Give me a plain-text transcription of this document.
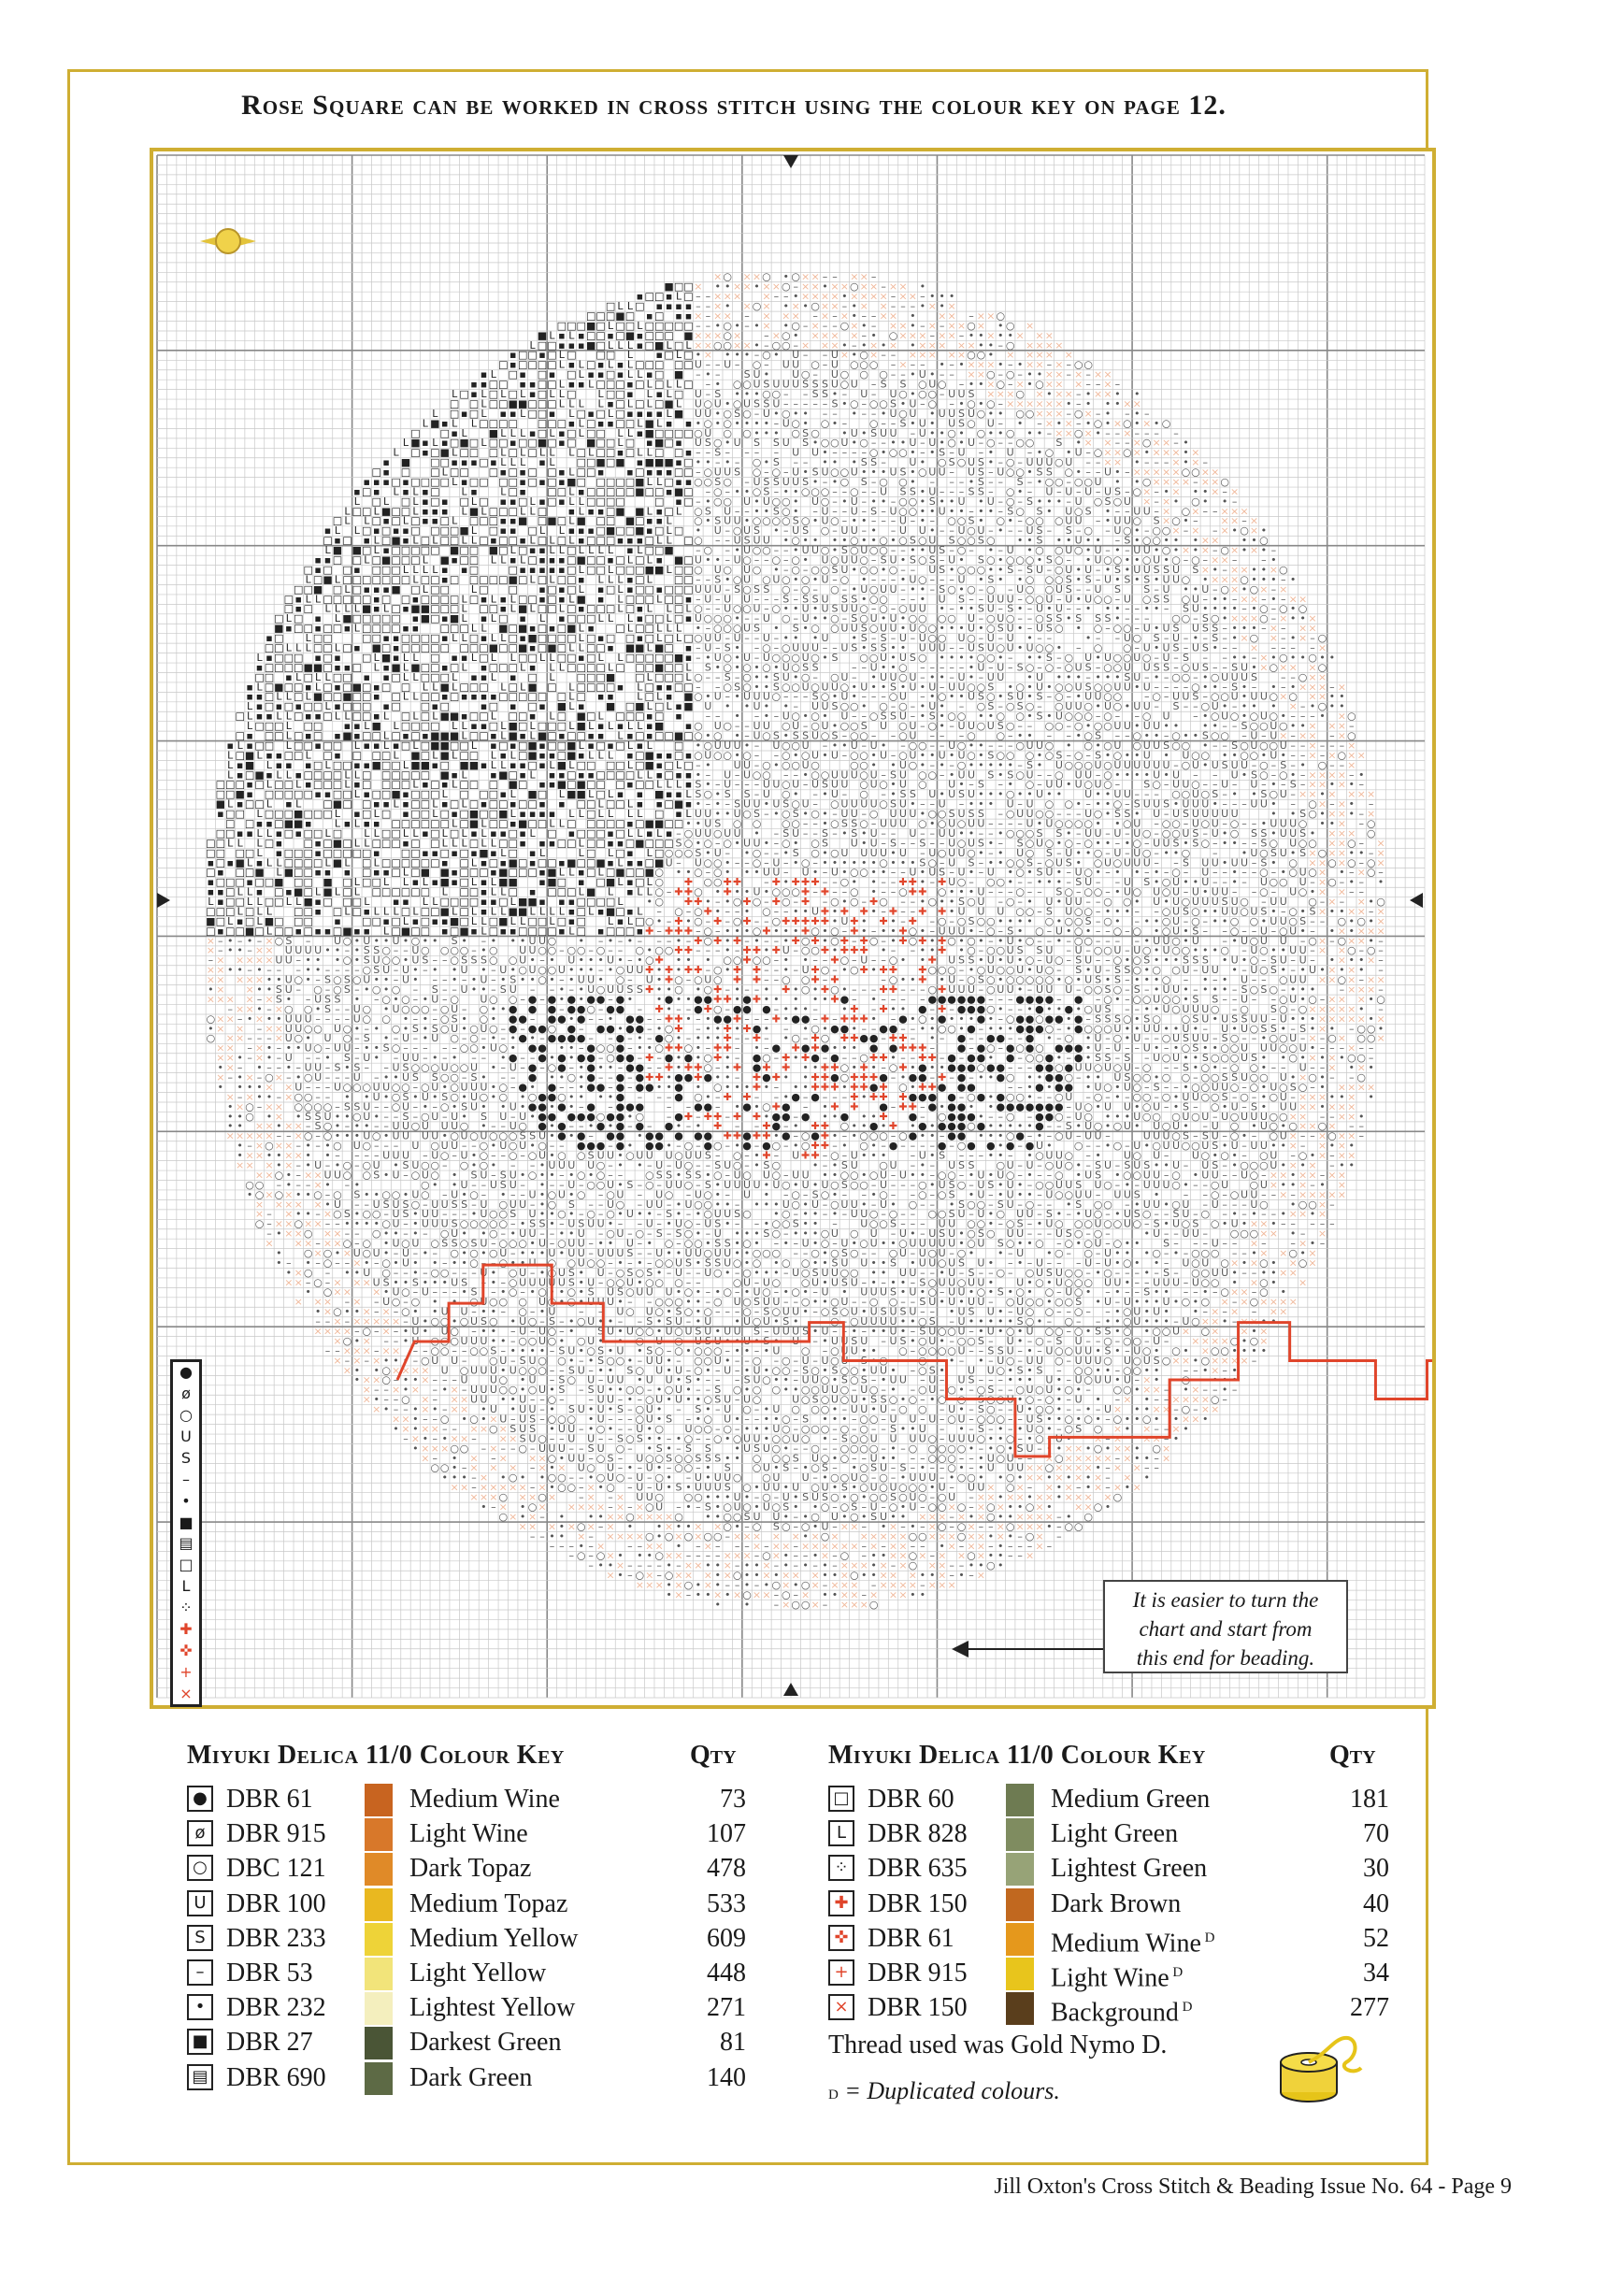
Rose Square can be worked in cross stitch using the colour key on page 12.
× ○ × × ○ • ○ × × – – × × –
■ □ □ × • • × × • × × ○ – × × • × × ○ × × – × × •
▪ □ □ ▪ L □ – – × × × × – – • × × × × • × × × × – × × – • • •
□ L L □ ▪ ▪ ▪ ▪ – – × • × ○ × • × • ○ × × – • × × – – – • × • ×
□ □ □ ■ □ ▪ □ ▪ ▪ × – × × – × × × – × – × • – – × × • × × – × × ○
□ □ □ ■ □ L □ □ L □ □ □ □ □ – – • ○ • – • × • ○ – × – – ○ × • – × × • – × – × × ○ × • ○ ×
■ L ▪ L ▪ □ □ ▪ □ ■ ▪ □ □ □ ■ × × × ○ × – × ○ • × × × × – • ○ × × × – × × – • • × • • × × ×
L □ □ ▪ ▪ ▪ ■ □ L L L ▪ □ ■ L □ L × × ○ ○ × × • – ○ ○ – × × × • – • × • × • × × × × × • • – ○ × × × ×
▪ □ □ ▪ □ L □ □ □ L ▪ □ L □ • × • • • – ○ • U – – U × • ○ × – – × × × × × ○ ○ • × × × × ×
□ ▪ □ □ □ □ L ▪ L □ ▪ L ▪ L □ □ □ □ □ U – – U – ○ – U U ○ – U ○ ○ ○ – × – – • – • × × × • – • × × – × – ○ ○
▪ L □ ▪ □ ▪ □ L ▪ ▪ □ ▪ L L ▪ □ ■ – • – S U • U ○ – U ○ ○ ○ – – • U • – – × × ○ – ○ – • • × × – × – × ×
▪ ▪ □ □ ▪ ▪ □ □ L ▪ ▪ L □ □ □ ▪ □ L □ L L □ – • ○ ○ U S U U U S S S U ○ U – S S ○ U ○ – • • × ○ – × • ○ × × × – – × –
L □ ▪ L □ L □ L ▪ □ L L □ L □ □ ▪ L ▪ L □ U – S • • • ○ ○ – – S S • – U – U ○ • ○ ○ – U U S × × × ○ × • × × – • × × • •
□ □ L □ □ ■ ■ □ □ □ L L L L ▪ □ L □ L □ ■ L U ○ U • ○ U S S U – – – – – S • ○ – ○ ○ S • U – ○ – • ○ • ○ – × × × × × × • – • • • × ×
L □ ▪ □ L ▪ ▪ L □ □ ▪ L □ ▪ □ L □ ▪ ▪ ▪ ▪ L ■ U U • ○ S ○ – U • ○ • • – – • – – • U ○ U • U U S U ○ • • ○ ○ × × × – ○ × – • – • –
L ■ ▪ L L □ □ □ □ □ □ □ ▪ L □ ▪ ▪ □ □ L ■ L ▪ ▪ • ○ • ○ • • • • – U ○ • ○ • – ○ – – S • U • U S ○ U – • – × • × – • ○ • × ○ • × • ○
□ □ ▪ L ■ L L L ▪ □ L ▪ □ L □ □ L L ▪ ■ □ □ □ □ ○ U ○ ○ • • • ○ S ○ • U • S U U – U • • ○ • ○ • • ○ • • – × × ○ × • – – × – – – –
L ■ ▪ L ▪ □ ■ □ L □ □ ▪ □ □ ■ □ ▪ □ ■ □ □ L □ ▪ ■ □ ▪ U S ○ • U S S U S • ○ ○ U • ○ – – • • U – U • ○ • U – ○ – – ○ ○ S • × × – – × ○ × × – •
L □ ▪ □ ■ L □ □ □ L □ L □ L L L □ L □ □ ▪ □ L L □ □ ▪ – – S – – – – U U • – – – – ○ • ○ ○ • – • S – U – • U – • ○ • U – ○ × × ○ × • × × × • ×
▪ ■ □ □ ▪ ▪ ▪ □ ▪ L L L ▪ L □ □ ■ □ ■ ▪ ■ ■ ■ ▪ □ • • – • – ○ • S – – • • • S S – U • ○ S ○ U S • – ○ – U U U ○ U – – × × • – – – × • × –
□ ▪ □ □ L □ □ □ ▪ □ ▪ □ □ ▪ L □ □ ▪ ▪ □ ▪ ▪ ▪ □ □ – ○ U U S ○ – ○ – U • S U ○ ○ U • • • U S • ○ U U – U S – U ○ ○ • S S ○ • – – U • – × × × × × ○ ○ × ×
▪ ▪ ▪ □ ▪ □ □ □ □ L ▪ □ □ □ □ ▪ □ ▪ □ ▪ ■ □ □ □ □ □ ■ L L □ ▪ ▪ ○ ○ S ○ – U S S U U S • – • ○ S – ○ ○ • – – – • S – – S – • ○ ○ – ○ ○ U • • ○ × × × × – × × ○
▪ □ ▪ L ▪ L ▪ □ L ▪ L □ ▪ □ □ L ▪ □ □ □ □ □ ■ □ □ ▪ ■ □ – ○ – • • ○ S – • • ○ ○ ○ – – ○ – – U S S • U – – – S S – ○ • – U – U – U – U S – ○ × – • × • • × – ×
L □ L □ L ▪ □ ▪ □ L □ ▪ ▪ □ L ▪ □ ▪ L L □ □ □ □	□ ▪ □ – • ○ ○ U • U ○ ○ • U ○ – • U – • • – ○ ○ • S • • U • U – ○ – S • • • – U ○ S ○ U × – × • ○ • • –
L □ □ L ■ □ □ L ▪ ▪ ▪ L ■ L □ □ □ L L □ ▪ L ▪ ▪ □ ■ ■ L ▪ □ L ○ S U – – • • S ○ • – U – – U – S – U ○ ○ • • U • • – • • – S ○ S • U ○ S • – – U U – × ○ × – – × × ×
□ L L □ ▪ □ L □ ▪ ▪ □ L □ □ □ ▪ ▪ ■ □ ■ □ L ■ □ □ ■ □ ▪ ▪ L ○ • S U U • ○ ○ ○ ○ S ○ • U ○ – • • – – – U – • – ○ ○ S • ○ • – ○ ○ ○ U U – • U U ○ S × ○ • – × × – ×
▪ L L □ ▪ □ ▪ ▪ □ □ □ □ ■ L □ ▪ ▪ □ L L ▪ ▪ ▪ □ ■ □ □ ■ ▪ □ L □ • U – ○ U S • – U S ○ – U U – • – U U • – – U ○ U – • – – U S – S – ○ – U ○ • – ○ ○ × – × – × • ○ × •
□ ▪ □ ▪ L □ ■ ▪ L □ L □ □ L L □ ▪ □ □ ▪ L □ L □ L ▪ □ □ □ ▪ ▪ ▪ □ L L □ ○ – – U S U U • ○ • • • • ○ • • ○ • ○ S ○ U S ○ ○ S ○ • • S • • U • • – S • ○ ○ • • • × × • • ○
L ■ ■ □ L ▪ □ □ □ □ □ ■ □ □ ■ □ L □ ▪ ▪ L L □ L L L L ▪ L □ □ ■ – ○ – • U ○ ○ – – • U U ○ • S ○ U ○ ○ – – • • U S – ○ – • – U • ○ ○ U ○ • U – • – U U • ○ • × • × – ○ × • × • –
▪ ▪ □ □ L □ ■ □ □ □ L ■ ▪ □ □ L L ▪ L □ ▪ ▪ ▪ □ ■ □ □ ▪ □ L □ L ▪ ■ □ U • • – U ○ – – ○ – ○ • U ○ U U ○ – S U • S ○ S – U • S ○ • ○ ○ ○ • S ○ – • U ○ ○ • • ○ U • ○ – ○ – × × – – •
□ ▪ □ □ ▪ □ □ □ L L L L ▪ ▪ □	□ ▪ ▪ ▪ ▪ ▪ □ L □ □ L □ □ □ ■ ■ L □ □ ○ U ○ U ○ • – ○ – ○ ○ S U • ○ ○ • ○ – – U S • ○ ○ ○ • • S – S U – ○ U • U – • S • U U S S U S × • – × × • • × ○
L □ ■ L □ □ □ □ □ □ □ L □ □ ▪ □ □ □ □ □ ■ □ L □ L □ □ ▪ L L L ▪ □ L □ □ – – S • ○ U ○ U ○ • ○ • U – ○ • – – – • U ○ – – – U • S • • ○ ○ ○ S • S – U • S • S • U U ○ • × × × ○ • • • – •
□ □ ■ □ L □ ▪ ▪ ▪ ■ □ L □ □ L □ □ ▪ □ ▪ □ L ▪ □ L ▪ □ □ ▪ □ □ □ U U U – S ○ S S ○ – ○ – ○ – • U ○ U U – • • – S ○ • ○ – ○ – U ○ ○ U S – – U S S – U • • U – ○ × • ○ × – ×
□ ▪ L L □ □ □ □ □ ▪ □ □ ▪ □ □ □ □ L □ ▪ L ▪ L □ □ ▪ □ ▪ L ■ ▪ L □ □ □ L □ □ ▪ – U – U U – – – S – S S U S S • ○ ○ – – • U S – – U U U – ○ ○ U – U • U ○ ○ – U ○ S S ○ U – • • – × × – • – × ×
□ ▪ □ L L L L ■ ▪ L □ ▪ ■ ■ □ □ □ L □ □ ▪ L ■ L □ □ L □ ▪ □ □ □ L □ ▪ L L □ L ○ – – U ○ ○ U – ○ • • U • U S U U ○ – ○ – ○ U U • – • • S U – S • – U • U – – • • • – – • • – S U • • • • – • ○ – ○ • ○
□ L □ ▪ L ■ □ □ □ □ □ ▪ ■ □ ▪ ■ L ▪ L □ ▪ L ▪ □ □ □ L L L ▪ □ □ L □ ▪ U ○ ○ ○ • – – U ○ – U • • ○ – S ○ U • U • ○ ○ ○ ○ U – ○ U ○ – – ○ S S • S S S • – – – ○ ○ – S ○ • × × × ○ – × • • ×
■ ▪ □ □ ▪ □ □ ▪ L □ □ □ □ ▪ ▪ □ □ □ L L ■ □ ■ ▪ □ ▪ □ ■ L ▪ □ L □ □ L L L • – ○ ○ ○ U S • S • ○ ○ U U S ○ U U • U ○ ○ • • • U • ○ S U • – U S ○ • ○ – ○ ○ – U • U S U S S – • • • – × – × ×
▪ □ L □ □	□ □ ▪ ▪ □ □ □ □ ▪ L L □ ▪ L L □ ▪ ■ □ □ □ □ L □ ▪ □ □ ▪ □ L □ L □ ○ U U – U – – U – • • • U • S – S – U – U ○ ○ U ○ – U – U • – –	• – – U ○ S – U – • – S – • × ○ × – • × – ○
□ □ L L L □ □ L □ ▪ ■ □ ▪ □ □ □ □ □ □ □ □ ■ □ □ ■ ▪ □ ■ □ L L □ □ ▪ ■ ■ L ■ □ ▪ – U – S • – ○ – ○ U U U – – U S • S S • • U U U – – U S U ○ U • U ○ ○ • – ○ ○ – U • U S – U S • – – × – – – – ×
L ▪ □ □ □ ▪ □ ▪ □ L ■ ▪ L L □ ▪ ▪ L □ L L □ □ L L □ □ ▪ □ L L □ □ □ □ □ ■ ▪ – • U ○ • U – U ○ ○ ○ U ○ • S ○ ○ U • U S ○ • • • • ○ ○ • – • • S – ○ U • U ○ ○ U ○ – U – S – – • • – × • ○ • • ○ • •
▪ □ □ □ □ ■ ■ □ ▪ ▪ □ L ▪ ■ L ■ □ □ ▪ □ L ▪ □ □ □ L ▪ L L □ □ □ □ L □ □ □ ■ □ □ L S • ○ • ○ • ○ • U ○ S S	– – U • • ○ – – – – – • U – U – S ○ – ○ – ○ U S – ○ ○ U U S S – ○ U S – – S U • × ○ × × × ○
□ □ ▪ L □ L L □ □ ▪ ▪ □ L L □ □ □ L ▪ ▪ L ▪ □ L □ □ □ ■ □ L □ □ □ L ○ – – S – ○ • • S U • ○ – ○ U – • U U ○ U – • • – U • – U U • U • • • – • • • S U – • – ○ ○ – • ○ U U U S – – ○ × ×
▪ L □ ■ □ □ ▪ L □ ▪ □ ■ □ ▪ □ □ L L ■ L □ □ □ L □ L ■ □ L □ □ □ □ ▪ L □ ▪ ▪ □ □ – – ○ S ○ • • S ○ ○ U ○ U U ○ • U • • S • U • U – U U ○ ○ S • ○ • U • ○ ○ U S ○ ○ U U • U – – – – ○ • • – S • – • – • × × × – ×
▪ ▪ □ L L □ L ■ □ □ ■ □ □ ▪ □ L L □ □ ▪ □ ▪ ▪ ▪ ▪ □ □ □ □ □ □ L □ ▪ ▪ L □ L ▪ ■ ○ • U – • U U U ○ – – – S ○ • U • – – – ○ U – • ○ • • U S ○ • S U • S – ○ – • U U ○ ○ – ○ – U U S – ○ ○ U • U U ○ × ○ × × • •
L ▪ □ ▪ □ ▪ □ □ L ▪ □ □ □ ▪ □ □ ▪ □	▪ □ ▪ □ ▪ ■ L ▪ ■ □ ■ L □ L ▪ ■ U • • U • • – U U S ○ ○ • ○ – ○ – • U • – ○ S – ○ S ○ – ○ U U ○ • U ○ • U U – S – – ○ U • – • • • × – • ○ • •
□ L ▪ ▪ L L □ ▪ ▪ □ L L □ □ ▪ L □ L □ L ■ ■ ▪ □ □ L □ □ ▪ L □ ■ □ L □ □ □ ▪ □ ▪ – – • – • – U ○ • ○ • U – – ○ S S U – • S • ○ ○ • • ○ ○ • S • U ○ ○ ○ – ○ – – ○ U – • ○ U ○ • ○ U ○ • – – – • × ○
L □ □ □ L □ □ ▪ ▪ L ■ L □ □ □ □ L L ▪ ▪ □ L ■ □ L □ □ □ L ■ L ▪ L ▪ L L ▪ ■ ▪ ○ U ○ – – U U ○ U – ○ U • ○ ○ S U ○ U – ○ • – U U ○ U S ○ – – ○ ○ – ○ • ○ ○ U U • U U • • • • – – S ○ ○ U ○ • • × × × –
□ ▪ □ □ L □ ▪ □ ▪ ■ ▪ □ □ L □ ▪ □ ▪ ■ ■ ■ L □ □ ▪ L ■ ▪ L ■ □ ▪ □ □ ▪ ▪ L ▪ □ ▪ □ □ ■ □ ○ • ○ • – U ○ S • S S U ○ S – ○ ○ – – ○ U – – – ○ ○ – • • – – • ○ S – – ○ • • – ○ • • S ○ ○ – U – U × – × × – × ○
▪ L ▪ □ □ L □ □ ▪ □ □ L ▪ ▪ L ▪ □ L □ ■ ■ □ □ L ▪ □ ▪ □ ■ ▪ □ □ ■ L ▪ □ ▪ □ L ▪ L □ • ○ U U U • – U ○ ○ U – • • U – U • – ○ ○ – – U ○ • • – – – ○ U U ○ • ○ • ○ U ○ U U S ○ ○ • – – S ○ U ○ ○ U – – × – – – ×
L □ ■ L ▪ ▪ □ □ L □ ▪ □ □ □ L ■ □ L ■ L □ □ L ▪ L □ ■ ▪ ▪ □ ■ ▪ L L L ▪ □ ■ ▪ ▪ □ ▪ ○ U ○ ○ • ○ – – ○ • ○ U • U – ○ ○ • U – ○ U • • U • U ○ • S ○ ○ ○ • ○ S – ○ – S • ○ • • U • U ○ ○ • • ○ ○ • U • – – × – × ○ × ×
L ▪ ■ L ▪ ▪ ▪ □ L □ □ ▪ ▪ ■ □ □ L ■ ■ ▪ □ ■ ■ ▪ L L ▪ ▪ □ ▪ L ■ L □ □ □ □ L □ ■ ▪ □ L □ – • U U – ○ • ○ ○ U ○	○ ○ • • U ○ • – • – ○ • • • • • – S • U ○ ○ ○ U ○ U U U U U U – ○ U • U S U U – ○ – S – • ○ – – ×
L ▪ □ ■ ▪ L L ▪ □ □ □ □ L L □ □ □ □ □ □ ■ ▪ L ▪ ■ □ ▪ L ▪ ▪ □ ▪ ▪ □ □ □ □ L L ▪ □ ▪ ▪ • – U – U ○ ○ – – • ○ ○ U U U ○ U – S U ○ ○ – • U U S • S ○ U – – ○ U U – ○ • • • • U • U – – U • S ○ – ○ • – × × × × – •
□ □ □ ▪ □ L □ □ L ▪ □ □ □ L ▪ □ □ □ □ L ▪ □ ▪ L □ □ □ ■ □ ▪ ▪ ■ □ ■ □ □ □ ▪ □ □ L L L ▪ S • – U – – – U U ○ U – U S U U ○ U ○ • U ○ U • – S – • ○ – U U • U ○ U ○ – S ○ – U U ○ – – U – U – • – S – × × • × • –
□ □ ■ ▪ □ □ □ □ □ ▪ ▪ □ □ L ▪ □ □ ■ ▪ □ □ □ L □ □ □ ▪ L ■ □ L ■ ■ L □ L ▪ ▪ ■ ▪ ▪ L S ○ • S S – U ○ • – • U – ○ – • S S U • U S U • • • ○ • • U • • U • • U U – – – ○ ○ U ○ S – • • S ○ U – × × • × × × ×
■ L ▪ □ □ L ▪ L □ ■ □ □ ▪ ▪ L ▪ □ □ L ▪ □ L □ ▪ □ □ ▪ □ □ ▪ ▪ □ □ L □ □ L ▪ ▪ □ ■ ▪ • – • – S U U • U S ○ U – ○ U U U U ○ S U • – – U – • • • U – U ○ ○ • – • • ○ – S U U S • U U U • – – – U U • – ○ × – × • –
▪ □ □ L □ □ □ ■ □ □ □ L ▪ □ L □ ▪ □ □ L □ ▪ □ ■ □ □ ■ L ▪ ▪ ▪ ▪ L L □ L L L L □ ▪ L U U • • U ○ S – • ○ S • ○ • – U U – ○ U U U • ○ ○ S U S S – ○ U U ○ ○ – – – U ○ • S S • U – U S U U U U U	• • S ○ • × × • – ×
□ □ ▪ ▪ □ ■ ■ ▪ L ▪ L ▪ ▪ □ □ □ □ □ □ L □ ■ L □ □ ▪ ■ □ □ L L □ □ □ □ □ ▪ □ ■ ■ □ □ • • U S ○ ○ ○ ○ – – • ○ S S ○ – U U U ○ • ○ U ○ U U – – – – U • U ○ ○ ○ ○ • • ○ U – ○ ○ – U ○ U – ○ – – • U U U ○ • • × – ○
□ □ ▪ ▪ L L ▪ □ ▪ □ □ L □ L L □ □ L L ▪ □ L □ L ▪ L ▪ ▪ □ ▪ L □ ▪ □ □ □ ▪ □ L L ▪ L ▪ – ○ U U ○ U U • – S U – – S – • S • U – – U – – U U • • – – • ○ ○ ○ S S • – U U – U – U ○ – ○ ○ U S – U • ○ S S • U U S • × × × ○
□ □ L L L □ ▪ □ ▪ □ ■ □ L L □ □ □ ▪ □ □ L L L □ L L □ □ ▪ ▪ ▪ □ □ L □ □ ▪ ▪ □ ■ □ □ □ S ○ • ○ – ○ • U U • – ○ • ○ S U • U – S – – S – – U ○ U S • – S ○ U ○ • ○ – ○ • • – • ○ – U U S • S ○ – • • – – S ○ U ○ ○ × × ○ – ×
□ □ □ □ L ▪ □ □ □ ▪ □ □ □ □ □ ▪ □ □ ▪ ▪ □ ▪ □ ▪ ■ ▪ L □ ▪ L	L □ L □ ▪ L □ ○ ○ ○ S • U – • ○ – – • S ○ • ○ U U U U • U – U ○ U U ○ • – • U ○ S – U • • ○ – U – U ○ – • • ○ – • U ○ S U • S × ○ × × • • – ×
▪ □ ▪ ■ L ▪ L L □ □ □ □ L ■ L □ L □ □ □ □ □ □ ▪ □ L ▪ □ ▪ ■ □ ▪ □ □ ▪ ■ □ □ ■ ▪ L ▪ ▪ □ ■ U – U ○ ○ • – – ○ – U – • ○ – • • • • • • ○ • • • S ○ – U S – • • ○ ○ S – ○ U S • ○ U ○ U U U – – S U U • U U – S • ○ × × ○ × ○ – ○ ×
□ ▪ □ □ ■ L ■ □ □ ▪ ▪ ▪ □ ▪ ▪ □ L □ ■ ■ ▪ □ □ □ ▪ ■ □ □ □ ▪ ■ L L ▪ □ L □ ■ □ □ ■ ○ • • ○ – ○ • • • U U – U • – U • ○ ○ • • – – U • U S – U • – U • ○ • S U • – U ○ • – • • – • – ○ – U – – • – – ○ – • ○ U ○ × • – × ○ –
▪ □ □ □ ▪ □ □ ■ □ □ ■ □ L □ □ L L ▪ L ▪ ■ ▪ □ L ▪ L ■ ■ ▪ ■ □ ▪ □ ■ L ▪ □ L ○ ✚ ○ ○ ✚ ✚ – ✚ • ✚ ✚ ✚ – – ○ • • – – ✚ ✚ • – ✚ U ○ – ○ ○ • – – • • • – S U – – U S • ○ U • • U – – • – U ○ ○ U – × ○ – • – •
▪ ▪ □ L L ▪ □ ▪ ■ □ L ■ L □ L □ □ □ □ □ □ L □ □ ▪ L L □ ▪ □ □ □ L ■ L ▪ L L ○ – ✚ ✚ ○ • ✚ • • U • ○ ○ ○ ✚ – ✚ – – ○ • – – ○ ✚ ✚ ○ • • • U – – – ○ – – S ○ – ○ ○ – • U ○ U ○ U – U • U U – – ○ – U ○ • × × – –
L ▪ □ □ L L □ □ L L ■ ▪ □ □ □ L ▪ ▪ L L □ □ □ □ ▪ ▪ □ L ■ ■ ▪ ▪ ▪ □ □ □ □ L • ○ ✚ ✚ • – • ○ ✚ ○ – ✚ ○ – ✚ – ○ • ○ – ✚ ○ – – • ○ • • S ○ U – ○ – • U • U U – – ○ ○ • U • U ○ U U U S U ○ – U U ○ – × – × • ○
□ □ □ L □ L L □ □ ▪ □ L □ ▪ L L L □ L □ □ ■ L □ L ▪ L L ■ ■ L L L L ▪ □ L ▪ ■ □ ▪ L – ○ – ○ ✚ • – – • ○ – – • • U ✚ • ✚ ✚ • – ✚ – – ✚ ✚ • U U U ○ ○ – S U ○ ○ – • • • – – ○ U S ○ • • U U ○ U S • – ○ • S × • • × × – ×
■ □ L ▪ □ L ■ □ □ □ ▪ □ □ ▪ □ L ▪ □ ▪ ▪ ■ □ L L □ ■ L L □ □ L □ ▪ □ L ▪ L □ ○ • – ✚ • ○ – ✚ – ○ ✚ – – ○ ✚ ✚ ✚ ✚ ✚ • U ✚ • ✚ • – ✚ – ○ – ○ S ○ ○ • • • • ○ • ○ ○ S – ○ • – • • ○ U – ○ – • • ○ ○ • U U ○ S – – ○ • ○ • ×
□ ▪ □ □ ■ □ L □ □ ▪ □ ▪ ▪ □ ■ ▪ ▪ L □ ■ □ □ ▪ □ ■ ▪ L □ ▪ ▪ □ □ □ □ ▪ L □ ▪ □ □ □ ▪ ✚ – ✚ ✚ ✚ – ○ – • • • ○ ✚ • • • ✚ ○ • ○ – ✚ • – • • ✚ ○ • – U U U • – ○ – S • ○ – U • ○ • – – ○ – ○ • ○ U • S – – ○ – – U – ○ U • – • × • × × ×
× – • – • – × ○ S – U ○ • U • • U • ○ • • S • – • • • U U ○ • – • – • – – – • – ✚ ○ ✚ • ✚ – • – – • ✚ ○ ✚ • ○ ✚ – ✚ ○ – • ✚ ○ ✚ • ✚ ○ • ○ • – • U • ○ – – • – ○ ○ – – – – • U U ○ • U – • U ○ U U – ○ × – ○ × × • –
× – • • – × × U U U U • • – • S S ○ – – U ○ ○ ○ ○ – • ○ U U ○ ○ – ○ ○ – ○ – – ○ • ○ ○ ✚ ✚ – – – • – ✚ ✚ • ✚ U – ○ ○ ✚ • ✚ ✚ ✚ • – – • • ✚ • ○ – ○ ○ U S S U – U – ○ ○ U – U ○ • U ○ ○ • • • ○ – U ○ • • U U – × × ○ – ○ –
– × × × × × U U – • • • ○ • S U ○ ○ • U S – – ○ S S S ○ ○ U • – • U • • • U • – • ○ ✚ • • • ○ ○ ✚ ○ ○ – • • – – ✚ ○ – U – – ○ • • ✚ U S S • U • U • ○ – U ○ – S U – – ○ • ○ S • • • S S S • U • ○ – S U – U – • × • • × –
× × • • – • – – – • • – – – – ○ S U – U • – • • U • – U • ○ U ○ ○ U • • • – • ○ U U ✚ • ✚ • ✚ ✚ – ○ • ✚ ✚ – – • – U ✚ ○ – • ○ ✚ • ✚ ✚ ✚ ○ ○ ○ – • ○ U ○ ○ U • U ○ – S • U – S S ○ • ○ ○ U – U U • – U ○ S • – • U • × • × • –
× × × × × • • U ○ • – S ○ S ○ U • • – U • – – • – • U – • S • • ○ • – • U U • ○ – U • ✚ ○ – ○ U ○ ✚ ✚ – – ○ ○ ✚ – ✚	– ○ • • ✚ • U – ○ S ○ • ○ ○ ○ ○ ○ • ○ • U S • S – • • • ○ – • – • U – – ○ U U × × ○ × – × ×
• × × • • S U – ○ – ○ S – • ○ • ○ – S – – U • • – S U – – • – • U ○ U U S S ✚ • • ○ • ○ ✚ – • – – • ✚ • ○ • ✚ ○ • – – – ✚ ✚ – – – ○ ✚ U U U – ○ U U • – U U U – ○ ○ S ○ – S – • U U • – • • • – S ○ S ○ – • • • – × × × –
× × × × – × S • – U S S • – ○ • ○ – • U – ○ U ○ ○ – ● – ● • ● • ● ● – ● • • ● • • ● ● ✚ ✚ • ● ✚ • • • • • ✚ ● – • – – – – ● ● ● ● ● ● – – – ● ● ● ● – ● – ○ • – ○ ○ U ○ ○ • S S – – U – – ○ U • ○ – × × × • ○
– × × • – × ○ ○ • S – – U ○ • U ○ ○ ○ – ○ U – ○ • • ● ● ● – ● ● ○ – ● ● – ✚ • – – ● ✚ ○ – ● ● ● – • • • – • ✚ – ✚ • • ● – ✚ – ● ● ● ○ • – – • ● • • ● • ○ U S – – • • U ○ U U U ○ – ○ S ○ – ○ × × × × × • –
○ × × – • × • • U U U – – – – U ○ ○ • – • – ○ S • ○ • ● ● – ● ● • ● – – • ● ● – – ✚ ✚ • – • ● ● ✚ – – – ✚ • ● ● – ✚ – ✚ ✚ ✚ • – ● • ○ • ● • • • ● • – ○ ● ● ○ ● ● • ● – S S S ○ • S ○ ○ S U • U S S U U – U • • • × × × × × • ×
• × × – × × U U ○ ○ U ○ • – • ○ • S • S ○ U • ○ U ○ – ● – ● ● ○ ● – ● ● • ● ● – • ○ ✚ – • • ✚ • ✚ ● • – • ○ • ● ● • – – ● ● – – • • ○ ○ • ● – • • • ● ● ● ○ – • ● ○ ○ ○ U • • U U • • U • – U • U ○ S S • – S • × • – ○ ○ •
○ × × – – – × U ○ • U ○ – S • – U – • U ○ – ○ – • – • ● • – ● ● ● ● – – ● – • – ● ○ • – • • • ✚ – – ✚ – • ○ – ✚ ○ ✚ ✚ ● ● – ✚ ✚ – • – ● – – ● ● – – ● • – ○ • U – ○ • U – – ○ U S U U – S ○ – – • ○ ○ U – × – ○ × ○ ○ ×
× × – × • – • • U ○ – U U – • • S ○ – – – – – ○ ○ • U ○ • ● ● • • – ● ○ ○ ● – • • ○ ✚ ✚ ○ • – ✚ ✚ – • – ● ✚ ● ✚ ● • • • ● ● ✚ ✚ ✚ – ● – ● ○ – ● ○ ● ○ ● ● ● • U – U – – U • – • ○ S • • ○ ○ U U U ○ ○ U • – – – × – –
× × • – × • – U – – • S – U • – U U – • – • – – • ● – – ● • ● • ● ● – ○ ● ● – ✚ – ● • ● • ○ ✚ • – ● ○ – ✚ • ✚ ● – ● – – ○ ✚ ✚ • – – ✚ ✚ – ● – ● ● • ● – ○ ○ ● • – ● • S S – S – U ○ U • • S ○ ○ ○ U S • • ○ • × • × • ○ ○ –
• × – • – – • – U U – S • S – – U S ○ ○ ○ U ○ ○ U • – U – ● – ○ ● – • ● • • – ● ● – – ✚ • ✚ ✚ ○ – • ✚ ● ✚ ✚ • • ✚ ✚ ○ • ✚ • – ○ ✚ • ● • • ● ● ● ○ ● ● – – – ● ● ○ ● U U ○ U ○ U – ○ – – S • ○ • – ○ ○ • – – U – – × • × •
× – • × – ○ × – • ○ U – – – U – • • U S S ○ ○ – S • – – ● • • ○ • ● – – ● – ● ✚ ✚ • ● ● ✚ ● • • – ✚ ● ✚ • • ✚ ✚ ● ○ ✚ ✚ ✚ ● – • ● ● – ✚ – ● – • • ● ○ • • ● ● ○ – • • U S ○ ○ • ○ ○ – ○ ○ S S U ○ ○ U • × ○ • – – ○
• • • • × × U – – – U ○ ○ ○ U U ○ ○ – ○ U • ○ U U U • ○ – ● • ● – – • ● ● – ● – ● ● • • ● • ○ • • • ✚ • – • • ✚ ✚ ✚ • ✚ ✚ ● ✚ ○ • ✚ ✚ ● ● ●	– – • ● • ● ● • U ○ • U ○ – S – – • ○ ○ U U ○ – ○ • U ○ S ○ – • × × × ×
× – × • • – × ○ ○ – – • • U • ○ S • U • S ○ • U ○ • ○ • ○ ● ● ○ • • • • ● – – – ● ○ • – ✚ ✚ – – • ● – ● – – – ✚ • ✚ ✚ ✚ ● ● ● ● – ○ ● • ● ○ ○ • – – ○ U – ○ – • – ○ ○ – ○ • U U ○ ○ S – ○ – • ○ U – × × × • • × •
• × ○ – × × ○ ○ ○ ○ – S S U – – ○ U – • – ○ • S U • • U • ● ● • ● • – ● – ● ● ● – – ● ● – • ● • ○ ✚ ● – • ✚ ✚ ● – ✚ ✚ – ● • ● ● • • ● ● ● ● ● ● ● – U ○ • U U • ○ U – • S – ○ • U – S • U U × × • × × ×
• • ○ • × • S S U • • ○ U • – – S – ○ U – U • S U – U • ● ● ● ● ● ○ ● ● • ○ – ● ✚ – ✚ ✚ – ✚ ✚ • ● ● – ● • • ● • • ✚ ● – ○ ● ● ● • – – ○ – ● ● ○ – U ○ • • • U ○ ○ ○ U ○ U – U ○ U U U ○ ○ × × – – × × •
• • × × • × × – S ○ • – • • – – U U ○ U U U ○ • – – U ○ ● • ● – – • ● • ● – ● – ● • – • ✚ – – ✚ ● – • ✚ ✚ ○ • • ● • ✚ • ● • ● ● ● ○ ● • • • • • ● – – S • U ○ • ○ U • U ○ U • – U ○ • U ○ • ○ × × ○ × – –
× × × × × – – × ○ – ○ • • • U ○ • U U U U • ○ U ○ U ○ ○ ○ S S U • ● • ● – ● ● • ● ● ● ● ● ✚ ✚ ● ✚ ✚ • ● – ○ ● ✚ • – • ○ ○ ○ – ○ ● • • – ● ● • • • ○ ● – • – ○ U – U U –	U U U ○ S – S U – ○ • – ○ U × – – × ○ × × –
• – × ○ × × – • – • ○ U ○ – – – U ○ U U – – ○ • U ○ U • ○ – – ● ● ● – ● • ● ● • – ○ – ● ○ – • ● – ● ○ – • ○ ✚ ✚ – • ○ • – ● – – – – ● – ○ ● ● • ● – ● U • ○ – – • ○ – U • ○ U U ○ ○ U S • U – U U • • × – × • × •
• × × • • × × • • – – – – U U U – U ○ – U • ○ – – ○ – ○ U • ○ ○ S U U • ○ U U U ○ U U S – ○ – • ✚ – U ✚ ✚ – ○ – U • • • – U • S – – – • • – • ○ U U ○ – • U ○ U – U ○ • ○ • – ○ U – ○ • × – × ×
× × × • × – • U – • ○ – ○ U • S U ○ ○ – ○ • ○ • – – • U U U U ○ – • • – U – U ○ – – S U ○ – • S ○	• – • S U ○ U – • – U S S ○ U – U – ○ U ○ • – S U – S U S • • U – U S – • ○ ○ ○ U • × • × – • •
× × ○ • – × × U U ○ ○ S • U – ○ U ○ • S U – S U • ○ • • – • ○ • ○ – – ○ S S • S S • ○ – U ○ U ○ – U U • • ○ ○ • ○ U – U • • – ○ ○ – • U • U ○ – • – – ○ • U S • ○ ○ U U – ○ • U U – – U ○ – × × • × × – × ×
○ ○ – • – – × • – •	○ • • U – – U S U – • – – U – ○ ○ U • S – ○ – U U ○ – S • U U U U • U ○ • U • U ○ S ○ ○ – U – – – ○ • U S ○ – U S • U • – ○ ○ U U S U ○ – • – U U U ○ • – – ○ U ○ U × • • × – • ×
• ○ × ○ × • • ○ – ○ S • • ○ ○ • U ○ – U • ○ – • – – U • ○ U • ○ – ○ U – U ○ – U ○ • – U • – ○ – S ○ • – – • ○ – – ○ – ○ S • U – • U • • – U ○ ○ U U – U U S • – – ○ – ○ U U – – × – × × × × ×
× × × × × • U – – U S U S ○ – U U S S – U ○ U U – • ○ S – – U ○ – U U – • U ○ ○ • • – • • • U ○ • U – ○ U U • – U • ○ – – • S ○ ○ – S U – ○ – – • S ○ ○ – • U U • ○ U – U – – – U ○ • ○ ○ × –
× – × • • – × ○ S • ○ ○ – U S • U U – – – • U ○ ○ S U • • ○ • – ○ – ○ • U • • – S • – • ○ U U S ○ • ○ – • • – • – U U ○ – ○ – – ○ ○ S U – U • ○ U U – S • – • U ○ – • U S ○ – – S U – ○ – • – • – – • × × • ×
○ – × × ○ × × – – • • • • ○ U – • U U U S ○ ○ ○ ○ ○ – • S S • – U S U U • – – U – • U ○ – U S • – – • ○ ○ S • • – U ○ ○ S – – – U U ○ ○ • – ○ S – • U ○ ○ ○ U ○ ○ U ○ – S • U ○ S ○ • U • × × • – – – – –
– • × × ○ × × – – ○ • • – • – ○ U • • ○ – • U U – – • • U – ○ U – ○ – S – S ○ • – U • • • S ○ – • • • ○ U ○ U – U • – U S U • ○ S ○ U U – – – U S ○ – ○ –	• U – – U U – ○ ○ ○ × × • – ×
× × × – × × ○ – ○ • U ○ U ○ S S ○ S U – ○ ○ ○ • U – ○ U U – • • U – • ○ – ○ ○ • S S • ○ • – • – U • ○ – U • ○ U • • ○ U U U U U • ○ U S ○ • • ○ – ○ • ○ U – ○ • • S – – – U – – × – – × • –
• ○ × ○ • × U ○ U • – U – • – ○ • ○ • ○ U – • • • U • U U – U U U S – – U • • U U ○ U U • • ○ ○ ○ – – ○ • ○ S ○ – – ○ U – U ○ U – ○ • • – U • ○ – ○ – U • • • ○ – • – ○ ○ ○ – – • × × ○ • ×
• – • – ○ – – × • – ○ • U • • – • • ○ – – ○ • • U ○ ○ U ○ ○ – • – • – ○ ○ U S • S S U ○ • ○ • ○ ○ • • S U U • • S • U U ○ U S U • – • – U – – – U – U • ○ • • – U ○ U ○ × • × ○ • × ○ ×
• × ○ – • • U ○ – – • – ○ ○ – – – U • ○ U – • ○ U S • U – ○ S ○ S • – U – – U ○ • – ○ • • • – U ○ S U U ○ ○ • • U U – – • U – S – – ○ – ○ U S U ○ ○ – • ○ – – – • – S – ○ ○ U U • – – • • × ×
× × – ○ – × × × U S • • S • • • U S – • – ○ U U U U U S • U – ○ ○ U • ○ ○ ○ – –	○ U – U ○ ○ U • U S U – • – • • – S ○ U U ○ U U • U • ○ • U ○ ○ ○ U U • – – U U U – U ○ ○ • × ○ • ×
• ○ × × × • U ○ – U – – – • S – • ○ – • ○ • • ○ • S U S ○ U U U • ○ • – • ○ – • U ○ – • ○ • – U • U U U S • U • ○ – U U • ○ • S • ○ • ○ – U ○ • – • – – S • • – – • – ○ × × – ○ •
× × × – × – U ○ – ○ • • ○ U ○ ○ ○ U ○ • ○ • U U U • – – ○ ○ ○ • • – ○ U ○ S U U – – ○ • • ○ U – – ○ ○ – – S U • U • U U – ○ U ○ ○ • ○ ○ S • U – U • • • U • ○ • ○ × – × ○ × × × ×
• × ○ • • × – × – ○ • • U U – • • – ○ – • U – – U ○ U ○ • S ○ • ○ – – – ○ – S ○ U U • – ○ S ○ U • U S U S U – – • U S U • – U ○ ○ – – ○ – – • ○ U • U • • – × – × – × ×
– – × – × × × × × – U • ○ ○ • ○ U S ○ • U ○ – S – • ○ U • • – – S • S U – • U • U ○ U • S • – ○ – ○ U U U U • • ○ S – U • • • • • S ○ • – ○ – – • • ○ U • • • – U ○ × × • – × × • •
× × × × – ○ – × – • U • U ○ – • • – U – U ○ – • S U • U ○ ○ • U ○ U S U • U U S – U U U S • U – – • – • • U • – S U ○ ○ U – • U • ○ • U ○ ○ – ○ • S S • ○ • ○ ○ U × ○ × × • ×
× ○ • × – – • U – ○ ○ ○ U U U • • – ○ ○ U ○ • ○ U • – • – ○ – U – ○ U S U • • U • S • – U – • U U S U – U S • ○ U • – ○ ○ S – U • – ○ – S U – – ○ – ○ ○ – U – × × × × ○ • ○ ×
– – × × × – × × – – ○ ○ – – ○ ○ S – • • • • – S U • ○ S • U • S ○ – ○ • ○ ○ ○ – • • – • U ○ – ○ U U • • ○ – ○ ○ ○ ○ U – – S S U – • – U ○ ○ U U • S • – U ○ • ○ • × ○ ○ • • • •
× – × – × • • • – ○ U U – ○ U – S U ○ ○ • – • S ○ ○ • – U U • – ○ ○ U • – – ○ – ○ – U – U ○ U S • ○ – ○ • – • – U ○ – U U ○ – U U U ○ U ○ U S ○ × × • ○ × × × × –
× • • ○ × × × × U ○ U U U • U ○ ○ ○ – – S U – • • S ○ U • U – ○ • – U – • U • ○ ○ – S ○ • S ○ ○ • U U • – ○ S • U U ○ • S • S – ○ ○ • • – ○ ○ • • – – • × – •
• × × ○ – • • × – – – U U ○ • U – S ○ U – U U • U U • S • – – – S U ○ • • – U U ○ • S ○ S – • U U – U – U S – – – • • • U • – U ○ U U • U – × • – ○ – • • •
× – – × • × – • × – U U U ○ ○ • ○ U • S – S U • • ○ ○ – • ○ U • – – S ○ • ○ ○ • • ○ ○ U U ○ – U ○ – • – ○ U – ○ • – ○ S – – ○ U ○ U • ○ • – ○ ○ • × × – • × – – • –
× • – – ○ × – × × U U • • U – – ○ – – U U – • – ○ U • U • • ○ S U – U ○	U ○ S ○ U ○ U • S S ○ • ○ – • ○ – ○ – S ○ ○ U • ○ – ○ • – U • – × • – – × × × × ○ –
× • – – • × • – × × • U • U U – • S U • U • S – ○ U • – S • – U ○ – • U ○ ○ ○ • – U U • U – ○ ○ – U • – S ○ – – U • ○ ○ • – – • – U × • • × × – ○ – × ×
× × • – – ○ • ○ • × U – U S – ○ ○ ○ • U – – – ○ U • S – • ○ U • – – • • ○ – S • • • – ○ ○ – U U – U – ○ U – ○ ○ ○ – – U S • • ○ • ○ • – ○ • • ○ • • × × •
• × • × × – – × × ○ × S U S • U U – • ○ • – – U • ○ U ○ ○ – ○ – • • • U ○ – ○ ○ ○ – ○ – ○ – – S • • U – • – S – • – • U ○ • – ○ S ○ × • × – – × •
– × • – • × × – × × S U ○ – – U U – – S ○ S • • – • ○ – – ○ • ○ U U • ○ ○ U ○ • – S ○ ○ U U U U ○ – U U U ○ • • ○ – • ○ • U • × – × × × – •
• × × × ○ ○ – × – – ○ – U U U – – S U ○ – • S • – S S • U S U ○ • – – ○ – – ○ ○ ○ ○ – • – ○ ○ ○ ○ ○ • – • ○ • S U – • • × × • ○ • × × • ○ ×
× – • × – × × × ○ • U U – ○ S – U ○ ○ S ○ ○ S S S • • ○ ○ ○ S U ○ • ○ – – U • • – – ○ ○ ○ – – • U ○ U – – × ○ × × × × × – × • • – ×
○ ○ • – × × × – × • × U ○ U – • – U • – ○ ○ – • S ○ U • S – • ○ S – • ○ S U – S – • – – ○ • – • U U U × × ○ × × × × • – × × – –
• • • – × • ○ • • ○ ○ – – • ○ U ○ – U – ○ • – U • U U ○ ○ U U – • ○ ○ U ○ – ○ – • U U U – • ○ ○ • • ○ • × × • × • × • × – × •
× × – × × × × × – × • ○ ○ – × • ○ – U – U • S • U U U S ○ • U U • U ○ U • S • ○ U ○ U ○ ○ ○ • U – U U × ○ × – × • × – • × – × • ×
× × × ○ × × ○ × – × – × U U ○ ○ ○ • • • U • – ○ – U • S U S ○ • ○ • ○ ○ S ○ U ○ – ○ U – × × • × × • × × • × × × × ○
• – × • ○ × × × × × – × – × ○ U – • – S • ○ U ○ • U ○ S • • ○ – ○ S – U – ○ • U – ○ ○ × ○ – × ○ × • • ○ × • × × ○ •
○ × • × – • • • × × ○ × × × × ○ • • ○ ○ S U U • – • ○ U • ○ • S U • • × × × – × • × ○ • • × × × × – • ○
× × × • × ○ × – × • • × • • × × ○ • – ○ S ○ – ○ • U – × × – • × – • – × ○ – ○ × – – × ○ × × × • – ○ ○
– – • • × – × × × × ○ • ○ × ○ × ○ ○ – × × × × × • × ○ × × × × × × ○ ○ × × × ○ × × • × • – ○ × –
– – – • – × – – × × • – × – – – × – × × – × × × × × × – × – × × – – • × – × × – • – – – × –
– ○ – ○ × • • • ○ × × – – – – × × × – ○ × • – – • × – ○ – • • × × ○ × – × × ○ × • • – – ×
– • • × – – – – • – × × • • × – • • × – • – • – • – × × × • × – × ○ × × – – • • ○ •
× • – ○ × – ○ × × × • × ○ • • × • × × × • • × ○ • • × × × • • × – • – ×
× × × • × ○ • × • – – • – • ○ × • ○ × – × × × – × × × × – × × ×
• × – • • × • × ○ × × – ○ – × • • × × – × × × • •
• • – × ○ ○ × – × × × ○
●
ø
○
U
S
–
•
■
▤
□
L
⁘
✚
✜
+
×
It is easier to turn the
chart and start from
this end for beading.
Miyuki Delica 11/0 Colour Key	Qty
● DBR 61	Medium Wine	73
ø DBR 915	Light Wine	107
○ DBC 121	Dark Topaz	478
U DBR 100	Medium Topaz	533
S DBR 233	Medium Yellow	609
– DBR 53	Light Yellow	448
• DBR 232	Lightest Yellow	271
■ DBR 27	Darkest Green	81
▤ DBR 690	Dark Green	140
Miyuki Delica 11/0 Colour Key	Qty
□ DBR 60	Medium Green	181
L DBR 828	Light Green	70
⁘ DBR 635	Lightest Green	30
✚ DBR 150	Dark Brown	40
✜ DBR 61	Medium Wine $^D$	52
+ DBR 915	Light Wine $^D$	34
× DBR 150	Background $^D$	277
Thread used was Gold Nymo D.
D = Duplicated colours.
Jill Oxton's Cross Stitch & Beading Issue No. 64 - Page 9
